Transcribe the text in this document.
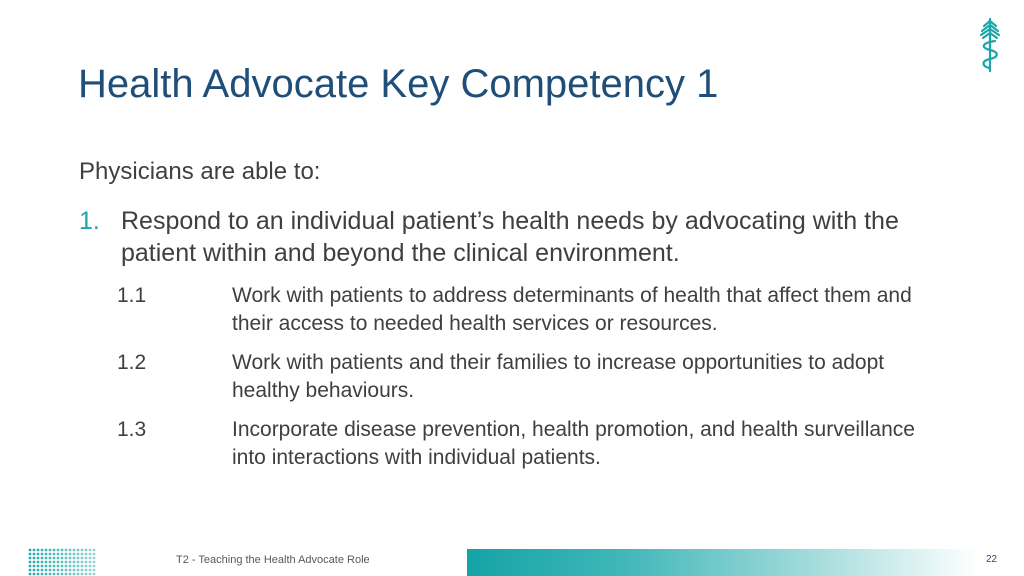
Health Advocate Key Competency 1
Physicians are able to:
1. Respond to an individual patient’s health needs by advocating with the patient within and beyond the clinical environment.
1.1	Work with patients to address determinants of health that affect them and their access to needed health services or resources.
1.2	Work with patients and their families to increase opportunities to adopt healthy behaviours.
1.3	Incorporate disease prevention, health promotion, and health surveillance into interactions with individual patients.
T2 - Teaching the Health Advocate Role	22
